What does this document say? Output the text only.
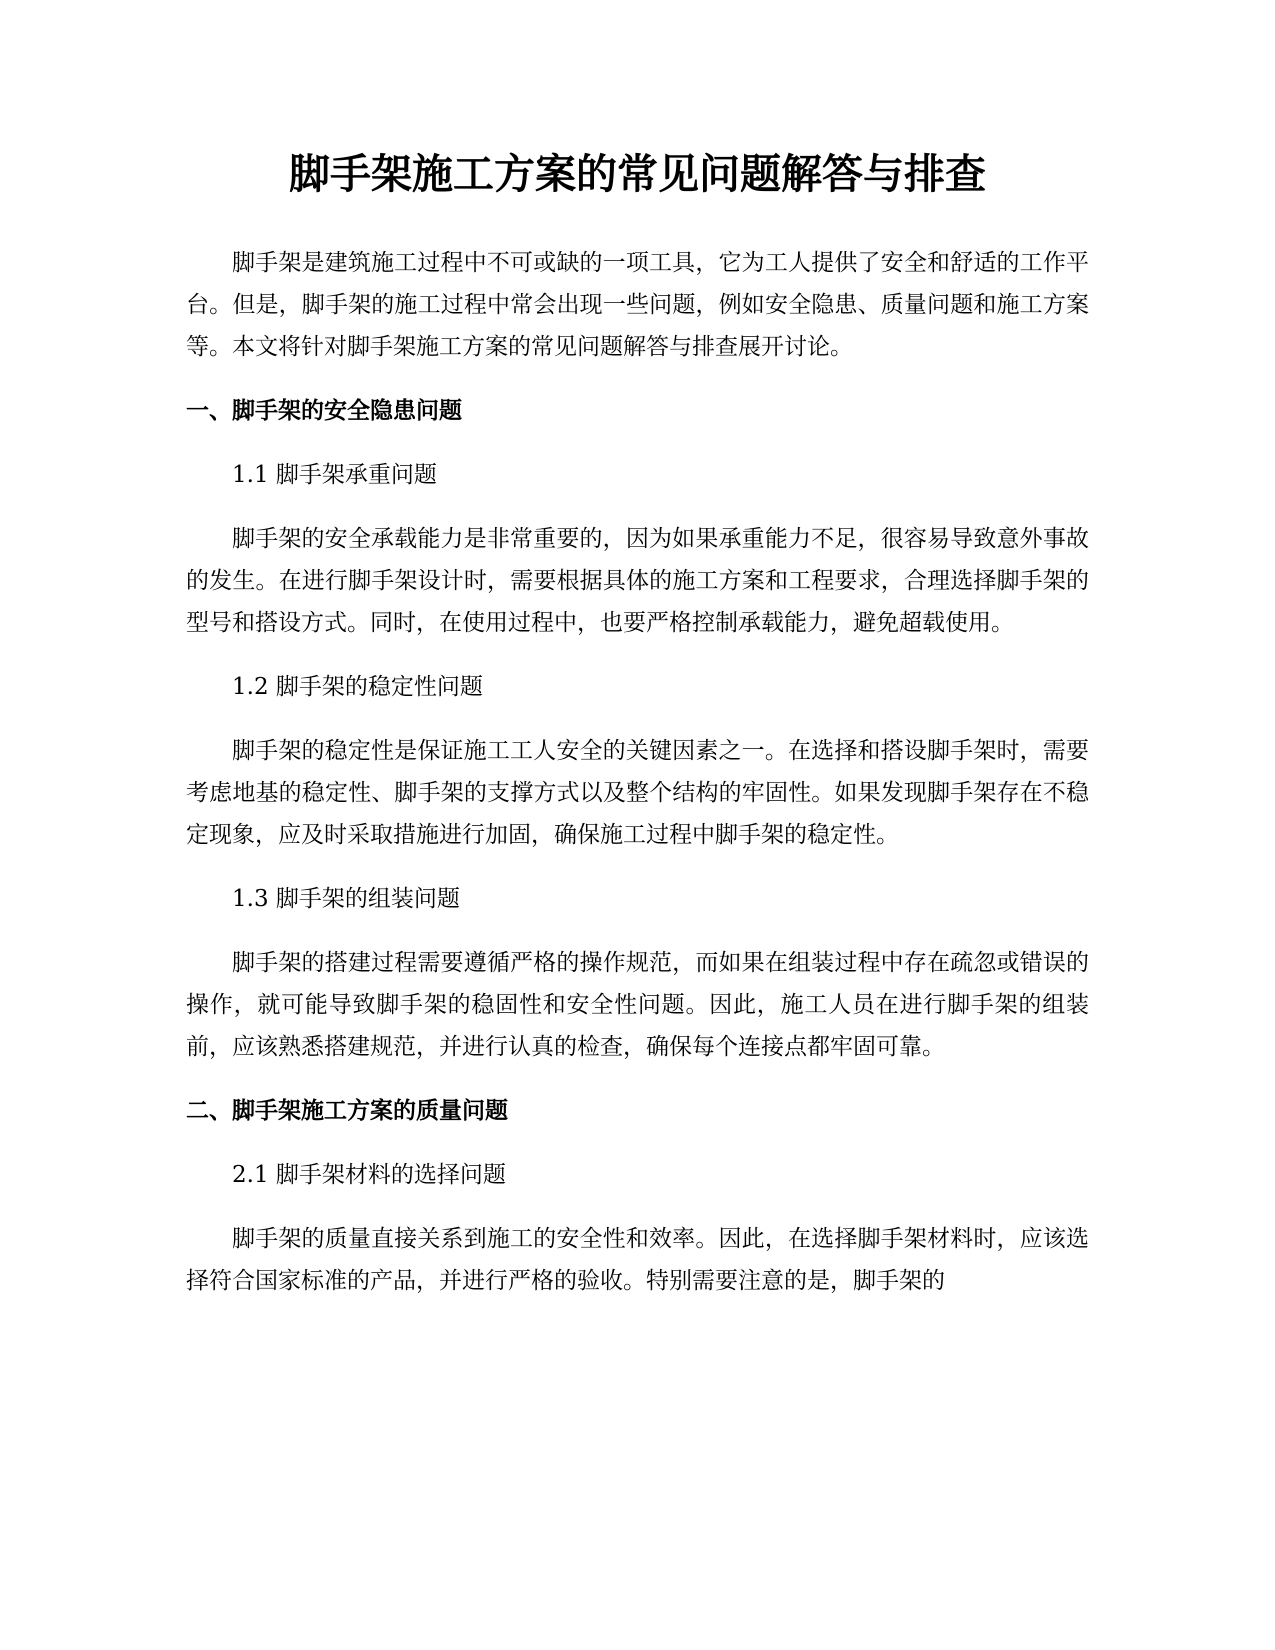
脚手架施工方案的常见问题解答与排查

脚手架是建筑施工过程中不可或缺的一项工具，它为工人提供了安全和舒适的工作平台。但是，脚手架的施工过程中常会出现一些问题，例如安全隐患、质量问题和施工方案等。本文将针对脚手架施工方案的常见问题解答与排查展开讨论。

一、脚手架的安全隐患问题
1.1 脚手架承重问题

脚手架的安全承载能力是非常重要的，因为如果承重能力不足，很容易导致意外事故的发生。在进行脚手架设计时，需要根据具体的施工方案和工程要求，合理选择脚手架的型号和搭设方式。同时，在使用过程中，也要严格控制承载能力，避免超载使用。

1.2 脚手架的稳定性问题

脚手架的稳定性是保证施工工人安全的关键因素之一。在选择和搭设脚手架时，需要考虑地基的稳定性、脚手架的支撑方式以及整个结构的牢固性。如果发现脚手架存在不稳定现象，应及时采取措施进行加固，确保施工过程中脚手架的稳定性。

1.3 脚手架的组装问题

脚手架的搭建过程需要遵循严格的操作规范，而如果在组装过程中存在疏忽或错误的操作，就可能导致脚手架的稳固性和安全性问题。因此，施工人员在进行脚手架的组装前，应该熟悉搭建规范，并进行认真的检查，确保每个连接点都牢固可靠。

二、脚手架施工方案的质量问题
2.1 脚手架材料的选择问题

脚手架的质量直接关系到施工的安全性和效率。因此，在选择脚手架材料时，应该选择符合国家标准的产品，并进行严格的验收。特别需要注意的是，脚手架的
